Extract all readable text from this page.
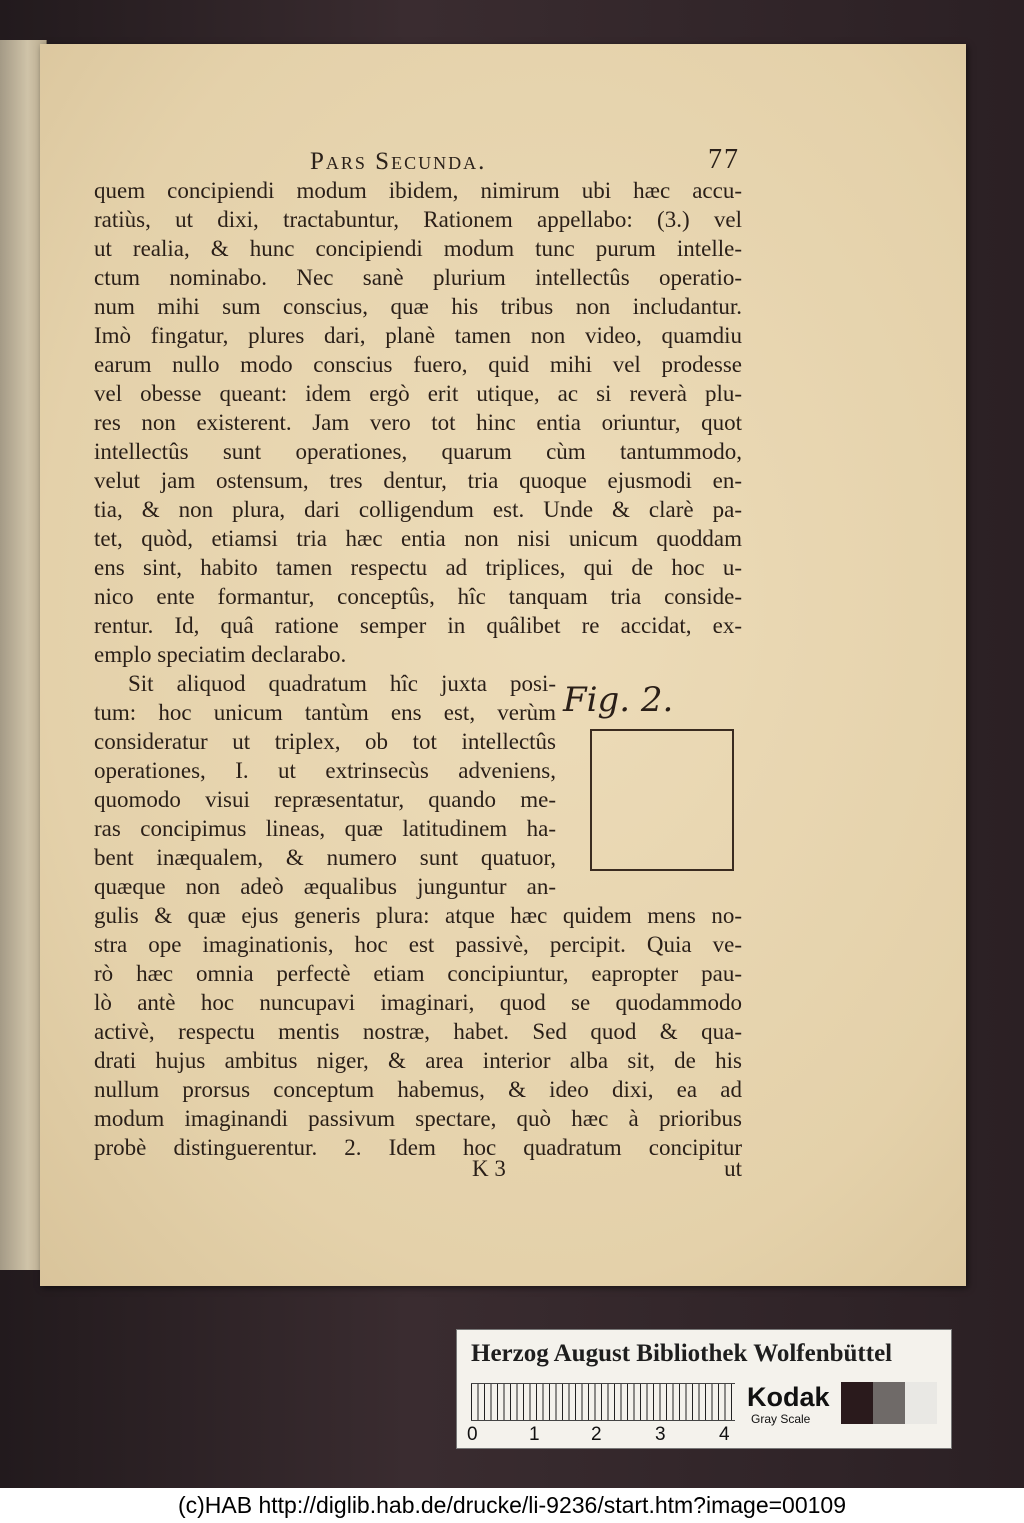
Pars Secunda.	77
quem concipiendi modum ibidem, nimirum ubi hæc accu-
ratiùs, ut dixi, tractabuntur, Rationem appellabo: (3.) vel
ut realia, & hunc concipiendi modum tunc purum intelle-
ctum nominabo. Nec sanè plurium intellectûs operatio-
num mihi sum conscius, quæ his tribus non includantur.
Imò fingatur, plures dari, planè tamen non video, quamdiu
earum nullo modo conscius fuero, quid mihi vel prodesse
vel obesse queant: idem ergò erit utique, ac si reverà plu-
res non existerent. Jam vero tot hinc entia oriuntur, quot
intellectûs sunt operationes, quarum cùm tantummodo,
velut jam ostensum, tres dentur, tria quoque ejusmodi en-
tia, & non plura, dari colligendum est. Unde & clarè pa-
tet, quòd, etiamsi tria hæc entia non nisi unicum quoddam
ens sint, habito tamen respectu ad triplices, qui de hoc u-
nico ente formantur, conceptûs, hîc tanquam tria conside-
rentur. Id, quâ ratione semper in quâlibet re accidat, ex-
emplo speciatim declarabo.
Sit aliquod quadratum hîc juxta posi-
tum: hoc unicum tantùm ens est, verùm
consideratur ut triplex, ob tot intellectûs
operationes, I. ut extrinsecùs adveniens,
quomodo visui repræsentatur, quando me-
ras concipimus lineas, quæ latitudinem ha-
bent inæqualem, & numero sunt quatuor,
quæque non adeò æqualibus junguntur an-
gulis & quæ ejus generis plura: atque hæc quidem mens no-
stra ope imaginationis, hoc est passivè, percipit. Quia ve-
rò hæc omnia perfectè etiam concipiuntur, eapropter pau-
lò antè hoc nuncupavi imaginari, quod se quodammodo
activè, respectu mentis nostræ, habet. Sed quod & qua-
drati hujus ambitus niger, & area interior alba sit, de his
nullum prorsus conceptum habemus, & ideo dixi, ea ad
modum imaginandi passivum spectare, quò hæc à prioribus
probè distinguerentur. 2. Idem hoc quadratum concipitur
Fig. 2.
K 3	ut
Herzog August Bibliothek Wolfenbüttel
0	1	2	3	4
Kodak
Gray Scale
(c)HAB http://diglib.hab.de/drucke/li-9236/start.htm?image=00109
